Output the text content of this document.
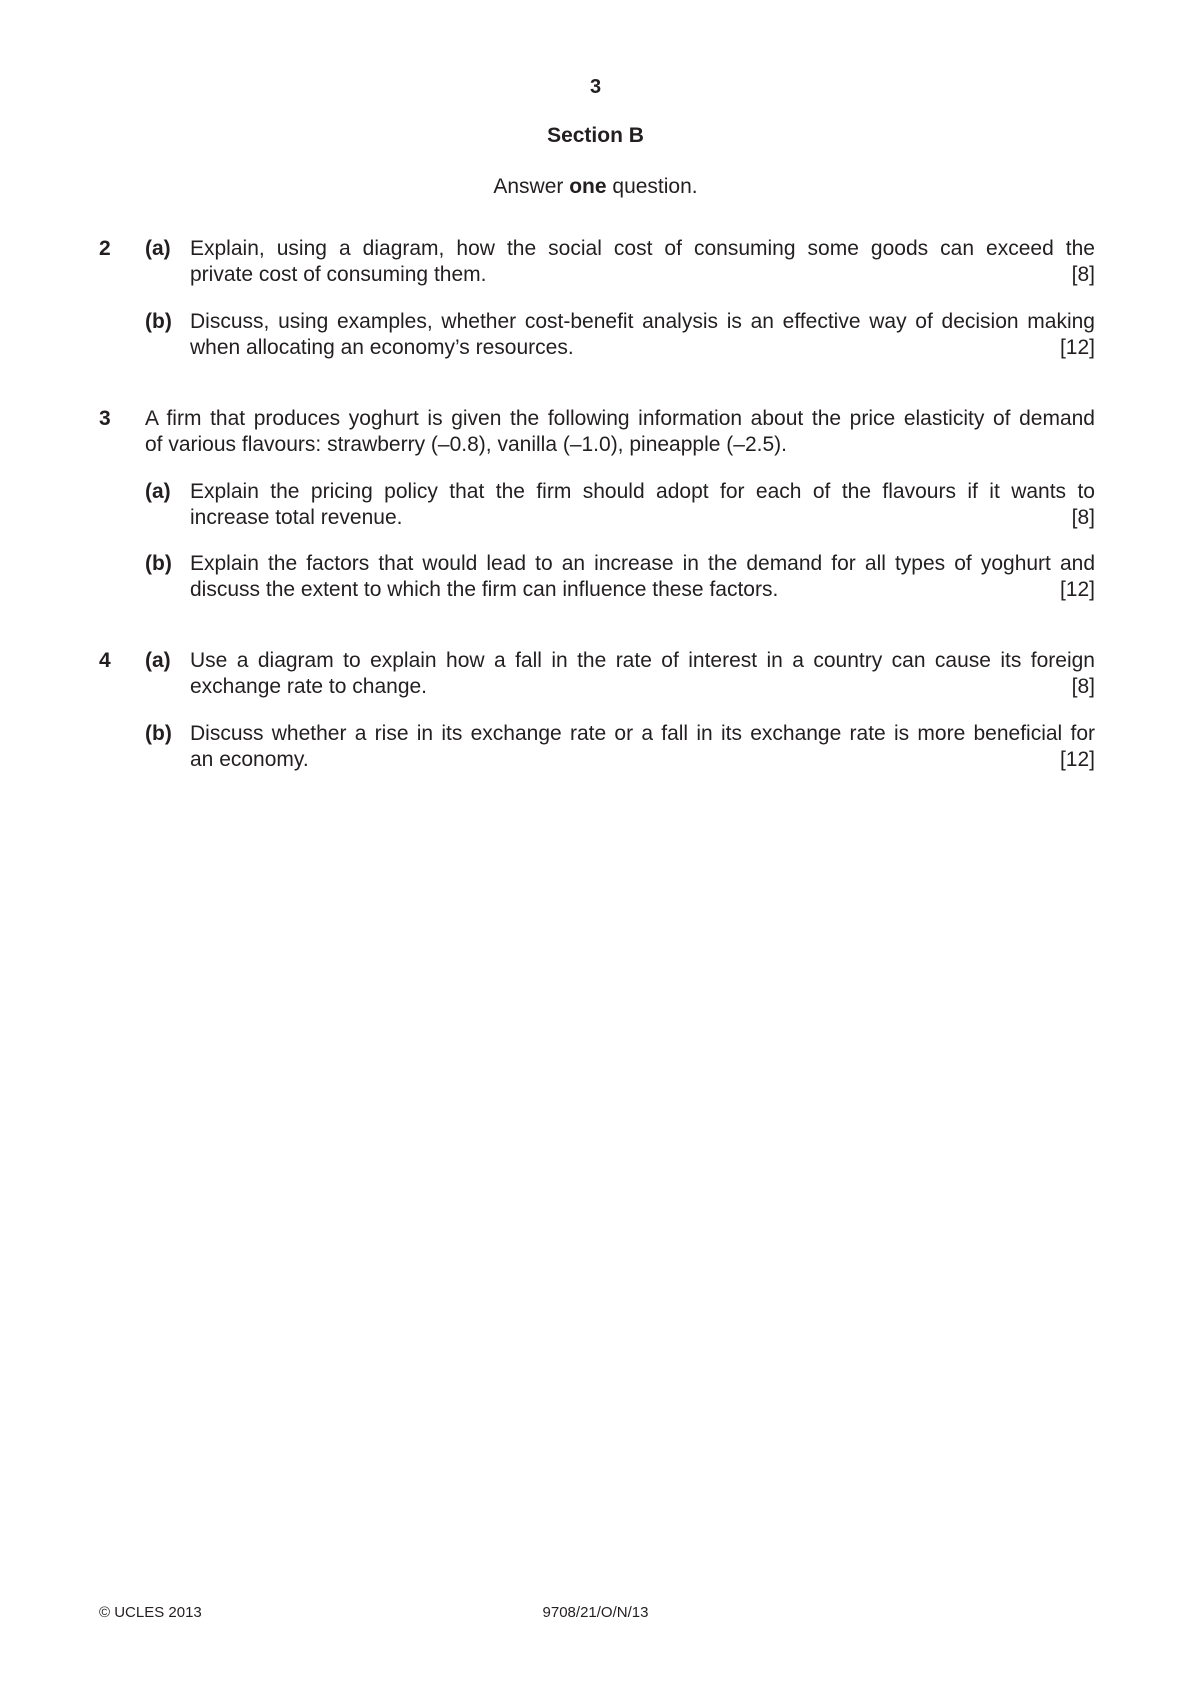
3
Section B
Answer one question.
2 (a) Explain, using a diagram, how the social cost of consuming some goods can exceed the
private cost of consuming them.	[8]
(b) Discuss, using examples, whether cost-benefit analysis is an effective way of decision making
when allocating an economy’s resources.	[12]
3 A firm that produces yoghurt is given the following information about the price elasticity of demand
of various flavours: strawberry (–0.8), vanilla (–1.0), pineapple (–2.5).
(a) Explain the pricing policy that the firm should adopt for each of the flavours if it wants to
increase total revenue.	[8]
(b) Explain the factors that would lead to an increase in the demand for all types of yoghurt and
discuss the extent to which the firm can influence these factors.	[12]
4 (a) Use a diagram to explain how a fall in the rate of interest in a country can cause its foreign
exchange rate to change.	[8]
(b) Discuss whether a rise in its exchange rate or a fall in its exchange rate is more beneficial for
an economy.	[12]
© UCLES 2013	9708/21/O/N/13
